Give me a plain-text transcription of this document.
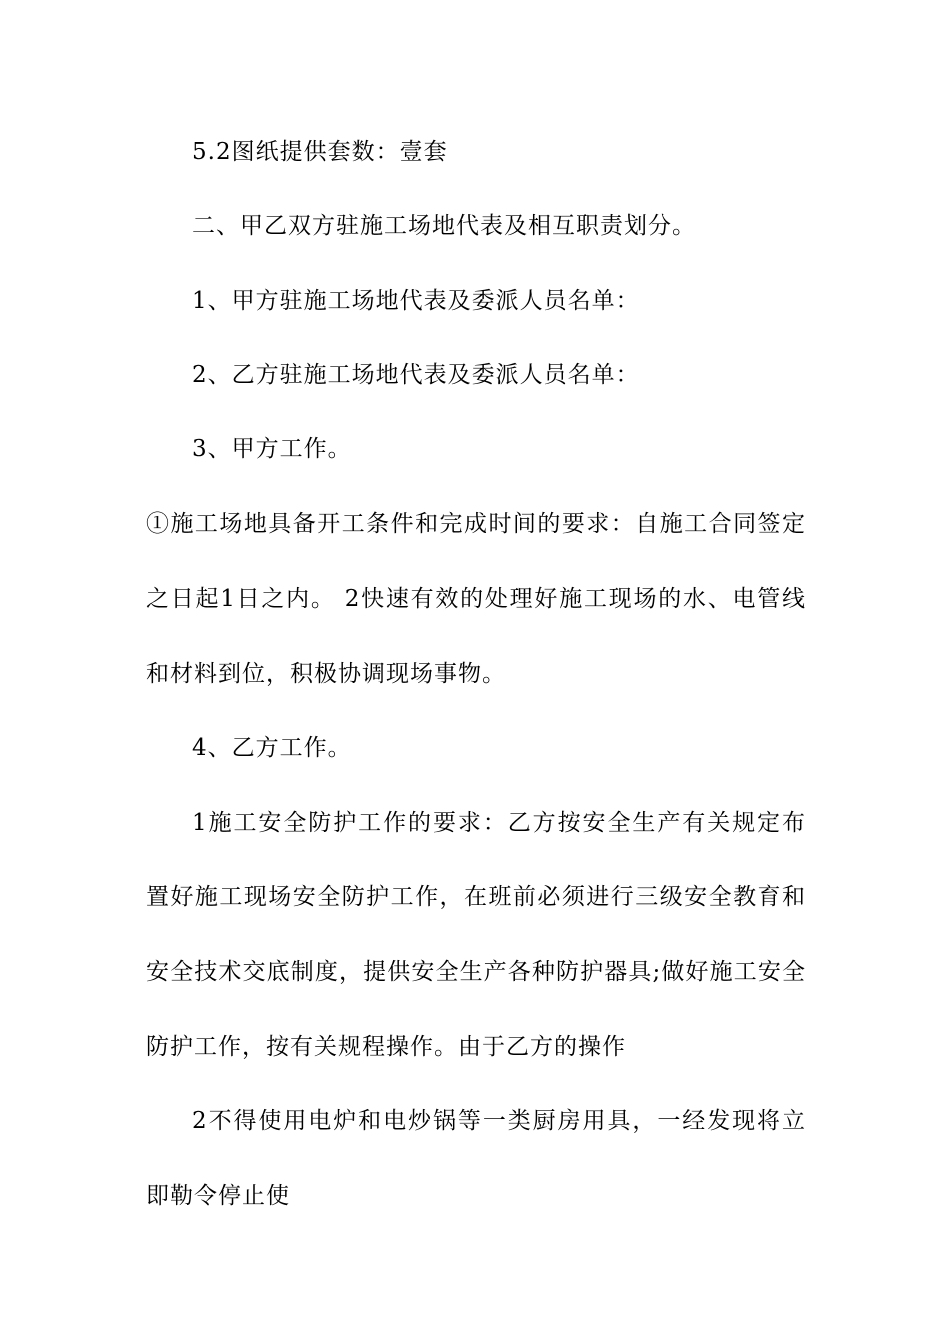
5.2图纸提供套数：壹套
二、甲乙双方驻施工场地代表及相互职责划分。
1、甲方驻施工场地代表及委派人员名单：
2、乙方驻施工场地代表及委派人员名单：
3、甲方工作。
①施工场地具备开工条件和完成时间的要求：自施工合同签定
之日起1日之内。 2快速有效的处理好施工现场的水、电管线
和材料到位，积极协调现场事物。
4、乙方工作。
1施工安全防护工作的要求：乙方按安全生产有关规定布
置好施工现场安全防护工作，在班前必须进行三级安全教育和
安全技术交底制度，提供安全生产各种防护器具;做好施工安全
防护工作，按有关规程操作。由于乙方的操作
2不得使用电炉和电炒锅等一类厨房用具，一经发现将立
即勒令停止使
